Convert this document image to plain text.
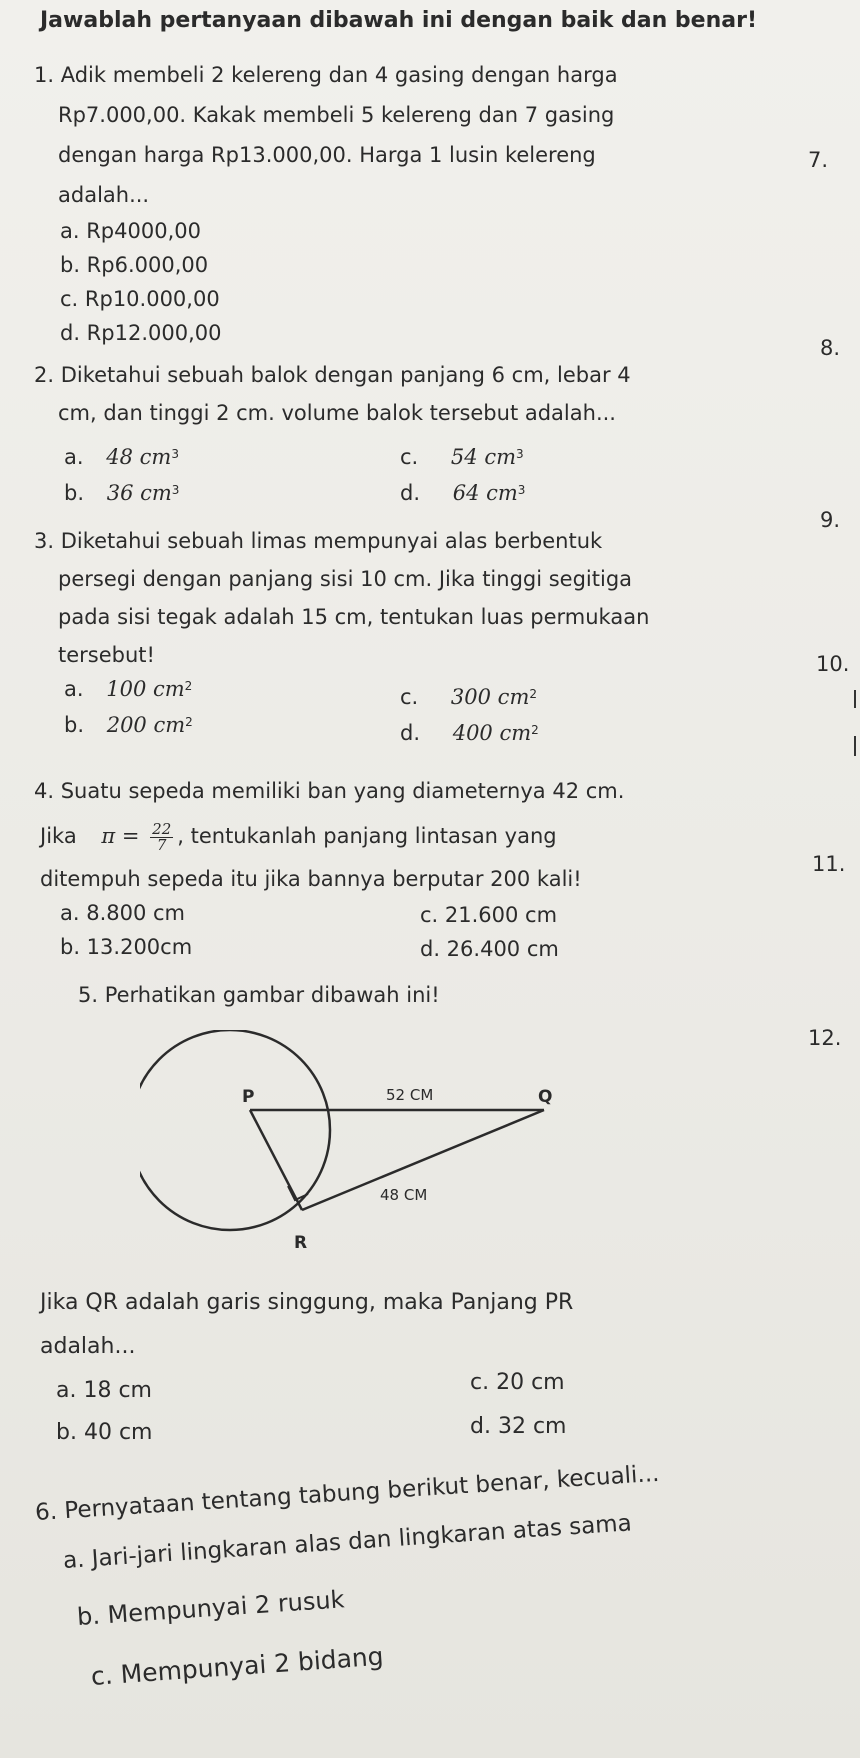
Jawablah pertanyaan dibawah ini dengan baik dan benar!
1. Adik membeli 2 kelereng dan 4 gasing dengan harga
Rp7.000,00. Kakak membeli 5 kelereng dan 7 gasing
dengan harga Rp13.000,00. Harga 1 lusin kelereng
adalah...
a. Rp4000,00
b. Rp6.000,00
c. Rp10.000,00
d. Rp12.000,00
2. Diketahui sebuah balok dengan panjang 6 cm, lebar 4
cm, dan tinggi 2 cm. volume balok tersebut adalah...
a. 48 $cm^3$
b. 36 $cm^3$
c. 54 $cm^3$
d. 64 $cm^3$
3. Diketahui sebuah limas mempunyai alas berbentuk
persegi dengan panjang sisi 10 cm. Jika tinggi segitiga
pada sisi tegak adalah 15 cm, tentukan luas permukaan
tersebut!
a. 100 $cm^2$
b. 200 $cm^2$
c. 300 $cm^2$
d. 400 $cm^2$
4. Suatu sepeda memiliki ban yang diameternya 42 cm.
Jika $\pi = \frac{22}{7}$ , tentukanlah panjang lintasan yang
ditempuh sepeda itu jika bannya berputar 200 kali!
a. 8.800 cm
b. 13.200cm
c. 21.600 cm
d. 26.400 cm
5. Perhatikan gambar dibawah ini!
P	Q
R
52 CM
48 CM
Jika QR adalah garis singgung, maka Panjang PR
adalah...
a. 18 cm
b. 40 cm
c. 20 cm
d. 32 cm
6. Pernyataan tentang tabung berikut benar, kecuali...
a. Jari-jari lingkaran alas dan lingkaran atas sama
b. Mempunyai 2 rusuk
c. Mempunyai 2 bidang
7.
8.
9.
10.
11.
12.
